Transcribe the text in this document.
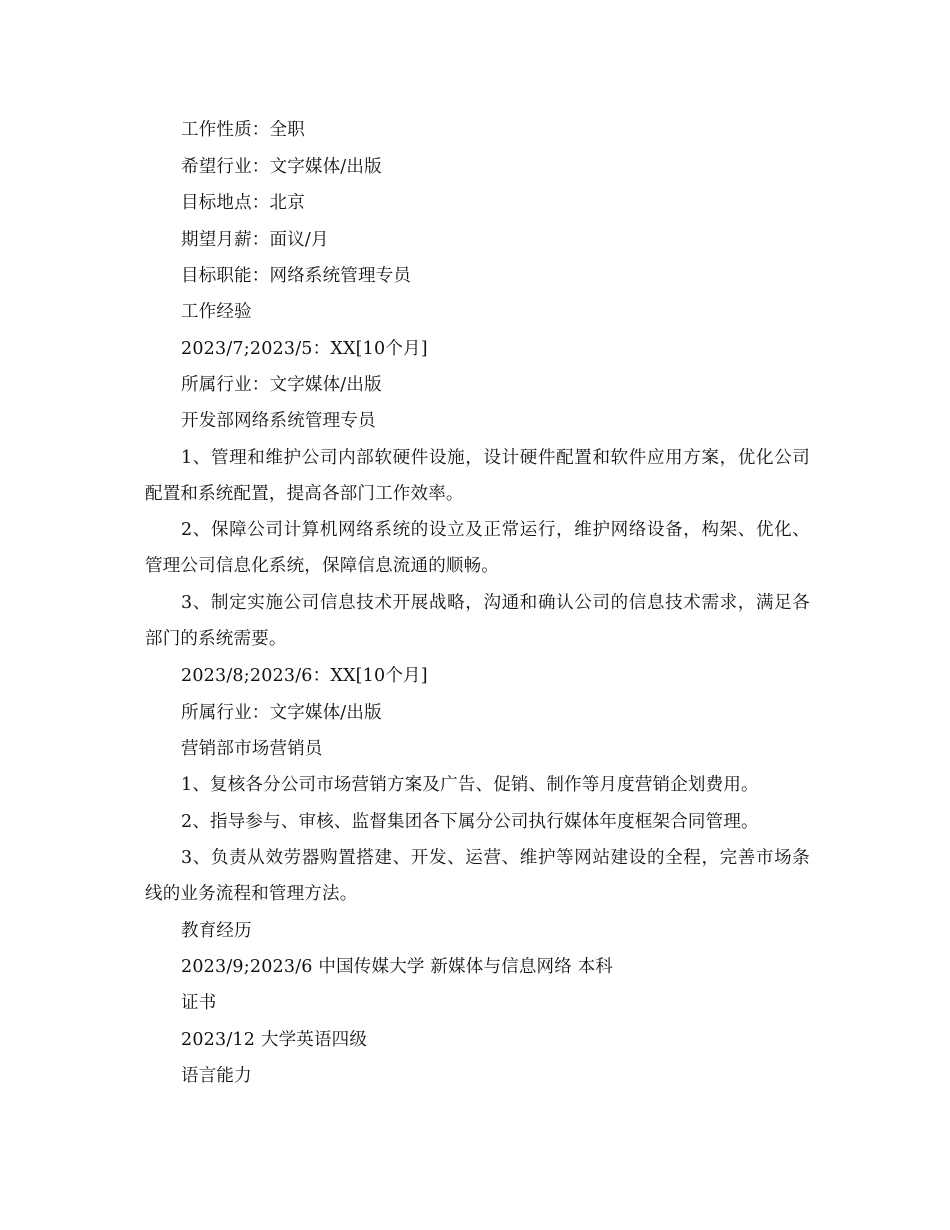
工作性质：全职
希望行业：文字媒体/出版
目标地点：北京
期望月薪：面议/月
目标职能：网络系统管理专员
工作经验
2023/7;2023/5：XX[10个月]
所属行业：文字媒体/出版
开发部网络系统管理专员
1、管理和维护公司内部软硬件设施，设计硬件配置和软件应用方案，优化公司配置和系统配置，提高各部门工作效率。
2、保障公司计算机网络系统的设立及正常运行，维护网络设备，构架、优化、管理公司信息化系统，保障信息流通的顺畅。
3、制定实施公司信息技术开展战略，沟通和确认公司的信息技术需求，满足各部门的系统需要。
2023/8;2023/6：XX[10个月]
所属行业：文字媒体/出版
营销部市场营销员
1、复核各分公司市场营销方案及广告、促销、制作等月度营销企划费用。
2、指导参与、审核、监督集团各下属分公司执行媒体年度框架合同管理。
3、负责从效劳器购置搭建、开发、运营、维护等网站建设的全程，完善市场条线的业务流程和管理方法。
教育经历
2023/9;2023/6 中国传媒大学 新媒体与信息网络 本科
证书
2023/12 大学英语四级
语言能力
